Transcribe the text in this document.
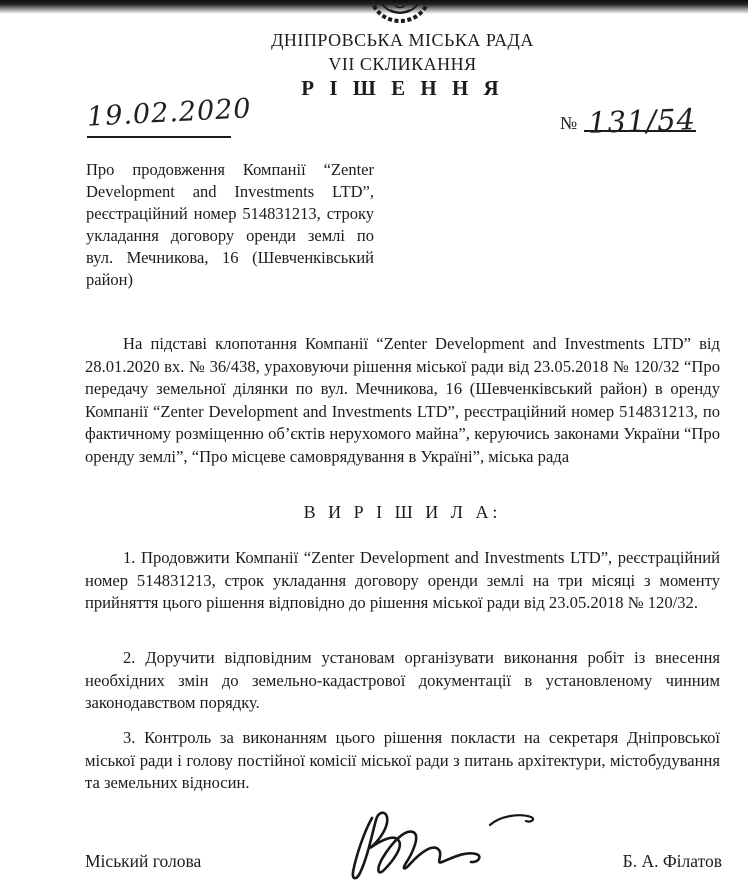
ДНІПРОВСЬКА МІСЬКА РАДА
VII СКЛИКАННЯ
Р І Ш Е Н Н Я
19.02.2020	№ 131/54
Про продовження Компанії “Zenter Development and Investments LTD”, реєстраційний номер 514831213, строку укладання договору оренди землі по вул. Мечникова, 16 (Шевченківський район)
На підставі клопотання Компанії “Zenter Development and Investments LTD” від 28.01.2020 вх. № 36/438, ураховуючи рішення міської ради від 23.05.2018 № 120/32 “Про передачу земельної ділянки по вул. Мечникова, 16 (Шевченківський район) в оренду Компанії “Zenter Development and Investments LTD”, реєстраційний номер 514831213, по фактичному розміщенню об’єктів нерухомого майна”, керуючись законами України “Про оренду землі”, “Про місцеве самоврядування в Україні”, міська рада
В И Р І Ш И Л А:

1. Продовжити Компанії “Zenter Development and Investments LTD”, реєстраційний номер 514831213, строк укладання договору оренди землі на три місяці з моменту прийняття цього рішення відповідно до рішення міської ради від 23.05.2018 № 120/32.

2. Доручити відповідним установам організувати виконання робіт із внесення необхідних змін до земельно-кадастрової документації в установленому чинним законодавством порядку.

3. Контроль за виконанням цього рішення покласти на секретаря Дніпровської міської ради і голову постійної комісії міської ради з питань архітектури, містобудування та земельних відносин.

Міський голова	Б. А. Філатов
